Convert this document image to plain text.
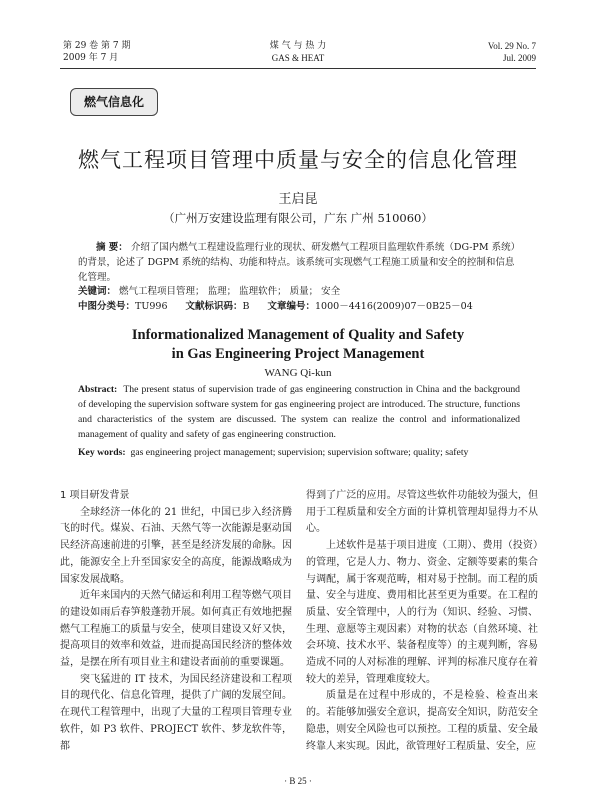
第 29 卷 第 7 期
2009 年 7 月
煤 气 与 热 力
GAS & HEAT
Vol. 29 No. 7
Jul. 2009
燃气信息化
燃气工程项目管理中质量与安全的信息化管理
王启昆
（广州万安建设监理有限公司，广东 广州 510060）
摘 要： 介绍了国内燃气工程建设监理行业的现状、研发燃气工程项目监理软件系统（DG-PM 系统）的背景，论述了 DGPM 系统的结构、功能和特点。该系统可实现燃气工程施工质量和安全的控制和信息化管理。
关键词： 燃气工程项目管理； 监理； 监理软件； 质量； 安全
中图分类号：TU996 文献标识码：B 文章编号：1000－4416(2009)07－0B25－04
Informationalized Management of Quality and Safety
in Gas Engineering Project Management
WANG Qi-kun
Abstract: The present status of supervision trade of gas engineering construction in China and the background of developing the supervision software system for gas engineering project are introduced. The structure, functions and characteristics of the system are discussed. The system can realize the control and informationalized management of quality and safety of gas engineering construction.
Key words: gas engineering project management; supervision; supervision software; quality; safety

1 项目研发背景

全球经济一体化的 21 世纪，中国已步入经济腾飞的时代。煤炭、石油、天然气等一次能源是驱动国民经济高速前进的引擎，甚至是经济发展的命脉。因此，能源安全上升至国家安全的高度，能源战略成为国家发展战略。

近年来国内的天然气储运和利用工程等燃气项目的建设如雨后春笋般蓬勃开展。如何真正有效地把握燃气工程施工的质量与安全，使项目建设又好又快，提高项目的效率和效益，进而提高国民经济的整体效益，是摆在所有项目业主和建设者面前的重要课题。

突飞猛进的 IT 技术，为国民经济建设和工程项目的现代化、信息化管理，提供了广阔的发展空间。在现代工程管理中，出现了大量的工程项目管理专业软件，如 P3 软件、PROJECT 软件、梦龙软件等，都

得到了广泛的应用。尽管这些软件功能较为强大，但用于工程质量和安全方面的计算机管理却显得力不从心。

上述软件是基于项目进度（工期）、费用（投资）的管理，它是人力、物力、资金、定额等要素的集合与调配，属于客观范畴，相对易于控制。而工程的质量、安全与进度、费用相比甚至更为重要。在工程的质量、安全管理中，人的行为（知识、经验、习惯、生理、意愿等主观因素）对物的状态（自然环境、社会环境、技术水平、装备程度等）的主观判断，容易造成不同的人对标准的理解、评判的标准尺度存在着较大的差异，管理难度较大。

质量是在过程中形成的，不是检验、检查出来的。若能够加强安全意识，提高安全知识，防范安全隐患，则安全风险也可以预控。工程的质量、安全最终靠人来实现。因此，欲管理好工程质量、安全，应

· B 25 ·
